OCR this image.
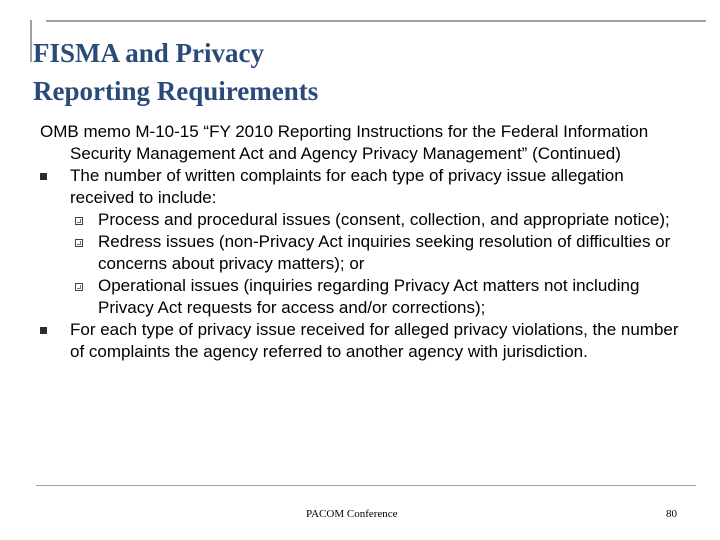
FISMA and Privacy
Reporting Requirements

OMB memo M-10-15 “FY 2010 Reporting Instructions for the Federal Information Security Management Act and Agency Privacy Management” (Continued)

The number of written complaints for each type of privacy issue allegation received to include:
Process and procedural issues (consent, collection, and appropriate notice);
Redress issues (non-Privacy Act inquiries seeking resolution of difficulties or concerns about privacy matters); or
Operational issues (inquiries regarding Privacy Act matters not including Privacy Act requests for access and/or corrections);
For each type of privacy issue received for alleged privacy violations, the number of complaints the agency referred to another agency with jurisdiction.
PACOM Conference	80
